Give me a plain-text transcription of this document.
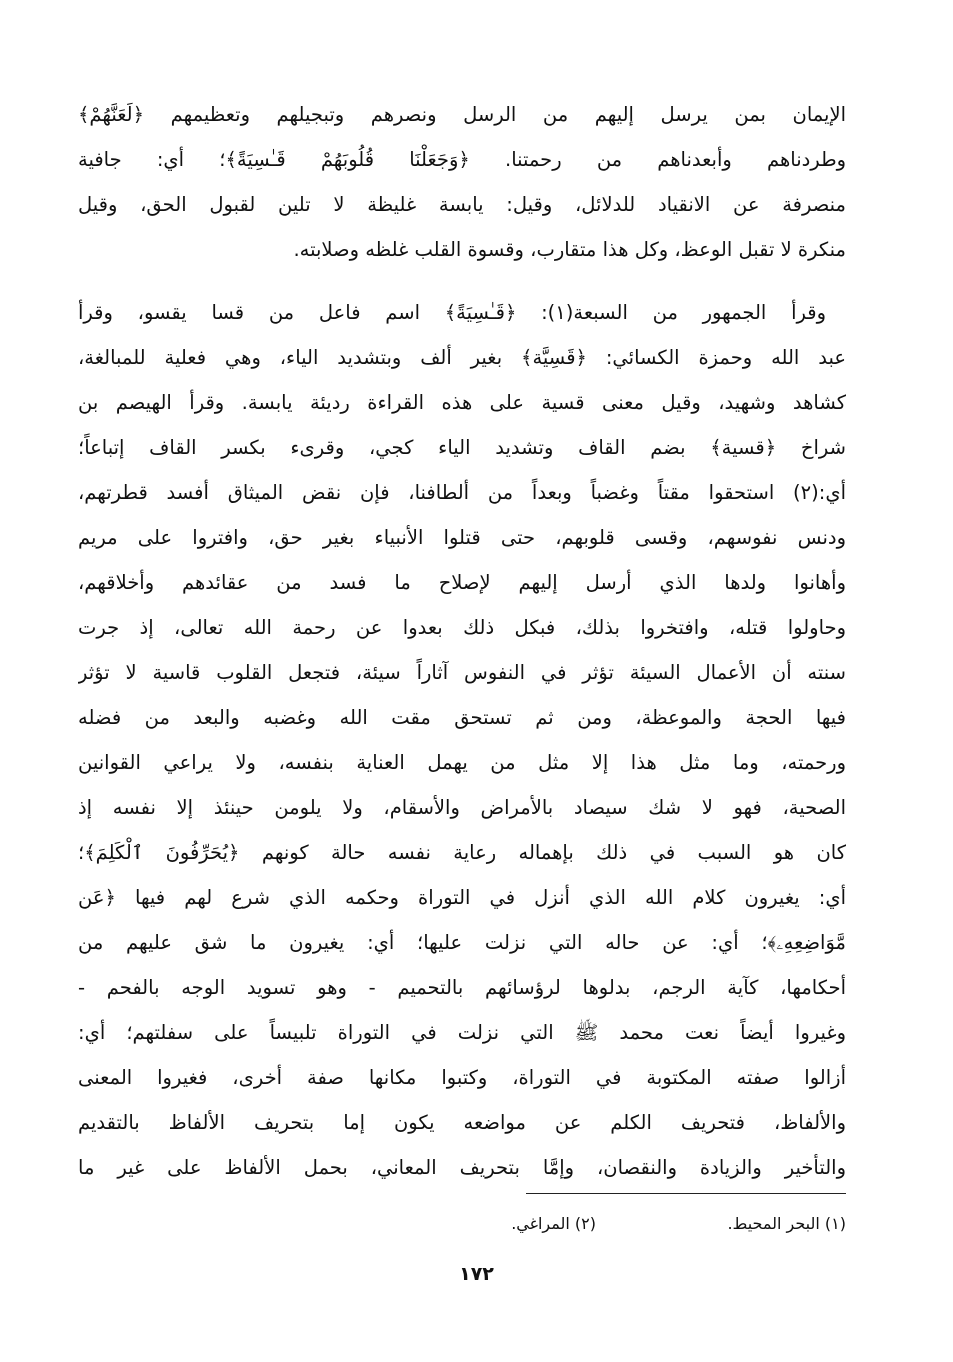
الإيمان بمن يرسل إليهم من الرسل ونصرهم وتبجيلهم وتعظيمهم ﴿لَعَنَّهُمْ﴾
وطردناهم وأبعدناهم من رحمتنا. ﴿وَجَعَلْنَا قُلُوبَهُمْ قَـٰسِيَةً﴾؛ أي: جافية
منصرفة عن الانقياد للدلائل، وقيل: يابسة غليظة لا تلين لقبول الحق، وقيل
منكرة لا تقبل الوعظ، وكل هذا متقارب، وقسوة القلب غلظه وصلابته.
وقرأ الجمهور من السبعة(١): ﴿قَـٰسِيَةً﴾ اسم فاعل من قسا يقسو، وقرأ
عبد الله وحمزة الكسائي: ﴿قَسِيَّة﴾ بغير ألف وبتشديد الياء، وهي فعلية للمبالغة،
كشاهد وشهيد، وقيل معنى قسية على هذه القراءة رديئة يابسة. وقرأ الهيصم بن
شراخ ﴿قسية﴾ بضم القاف وتشديد الياء كجي، وقرىء بكسر القاف إتباعاً؛
أي:(٢) استحقوا مقتاً وغضباً وبعداً من ألطافنا، فإن نقض الميثاق أفسد قطرتهم،
ودنس نفوسهم، وقسى قلوبهم، حتى قتلوا الأنبياء بغير حق، وافتروا على مريم
وأهانوا ولدها الذي أرسل إليهم لإصلاح ما فسد من عقائدهم وأخلاقهم،
وحاولوا قتله، وافتخروا بذلك، فبكل ذلك بعدوا عن رحمة الله تعالى، إذ جرت
سنته أن الأعمال السيئة تؤثر في النفوس آثاراً سيئة، فتجعل القلوب قاسية لا تؤثر
فيها الحجة والموعظة، ومن ثم تستحق مقت الله وغضبه والبعد من فضله
ورحمته، وما مثل هذا إلا مثل من يهمل العناية بنفسه، ولا يراعي القوانين
الصحية، فهو لا شك سيصاد بالأمراض والأسقام، ولا يلومن حينئذ إلا نفسه إذ
كان هو السبب في ذلك بإهماله رعاية نفسه حالة كونهم ﴿يُحَرِّفُونَ ٱلْكَلِمَ﴾؛
أي: يغيرون كلام الله الذي أنزل في التوراة وحكمه الذي شرع لهم فيها ﴿عَن
مَّوَاضِعِهِۦ﴾؛ أي: عن حاله التي نزلت عليها؛ أي: يغيرون ما شق عليهم من
أحكامها، كآية الرجم، بدلوها لرؤسائهم بالتحميم - وهو تسويد الوجه بالفحم -
وغيروا أيضاً نعت محمد ﷺ التي نزلت في التوراة تلبيساً على سفلتهم؛ أي:
أزالوا صفته المكتوبة في التوراة، وكتبوا مكانها صفة أخرى، فغيروا المعنى
والألفاظ، فتحريف الكلم عن مواضعه يكون إما بتحريف الألفاظ بالتقديم
والتأخير والزيادة والنقصان، وإمَّا بتحريف المعاني، بحمل الألفاظ على غير ما
(١) البحر المحيط.
(٢) المراغي.
١٧٢
